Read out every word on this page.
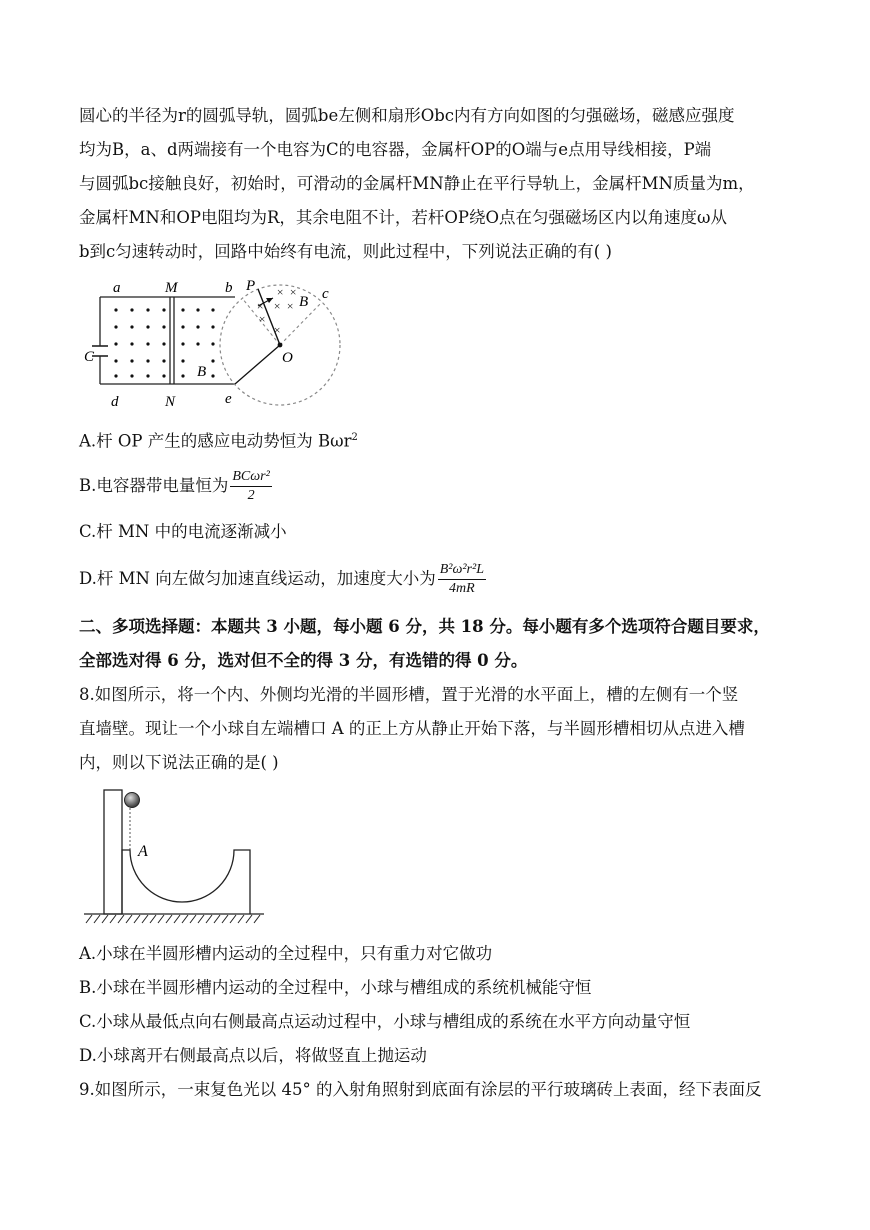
圆心的半径为r的圆弧导轨，圆弧be左侧和扇形Obc内有方向如图的匀强磁场，磁感应强度
均为B，a、d两端接有一个电容为C的电容器，金属杆OP的O端与e点用导线相接，P端
与圆弧bc接触良好，初始时，可滑动的金属杆MN静止在平行导轨上，金属杆MN质量为m，
金属杆MN和OP电阻均为R，其余电阻不计，若杆OP绕O点在匀强磁场区内以角速度ω从
b到c匀速转动时，回路中始终有电流，则此过程中，下列说法正确的有( )
× ×
× × ×
×
×
a	M	b P
B c
C	O
B
d	N	e
A.杆 OP 产生的感应电动势恒为 Bωr$^2$
B.电容器带电量恒为 $\frac{\text{BCωr²}}{2}$
C.杆 MN 中的电流逐渐减小
D.杆 MN 向左做匀加速直线运动，加速度大小为 $\frac{\text{B²ω²r²L}}{4mR}$
二、多项选择题：本题共 3 小题，每小题 6 分，共 18 分。每小题有多个选项符合题目要求，
全部选对得 6 分，选对但不全的得 3 分，有选错的得 0 分。
8.如图所示，将一个内、外侧均光滑的半圆形槽，置于光滑的水平面上，槽的左侧有一个竖
直墙壁。现让一个小球自左端槽口 A 的正上方从静止开始下落，与半圆形槽相切从点进入槽
内，则以下说法正确的是( )
A
A.小球在半圆形槽内运动的全过程中，只有重力对它做功
B.小球在半圆形槽内运动的全过程中，小球与槽组成的系统机械能守恒
C.小球从最低点向右侧最高点运动过程中，小球与槽组成的系统在水平方向动量守恒
D.小球离开右侧最高点以后，将做竖直上抛运动
9.如图所示，一束复色光以 45° 的入射角照射到底面有涂层的平行玻璃砖上表面，经下表面反
